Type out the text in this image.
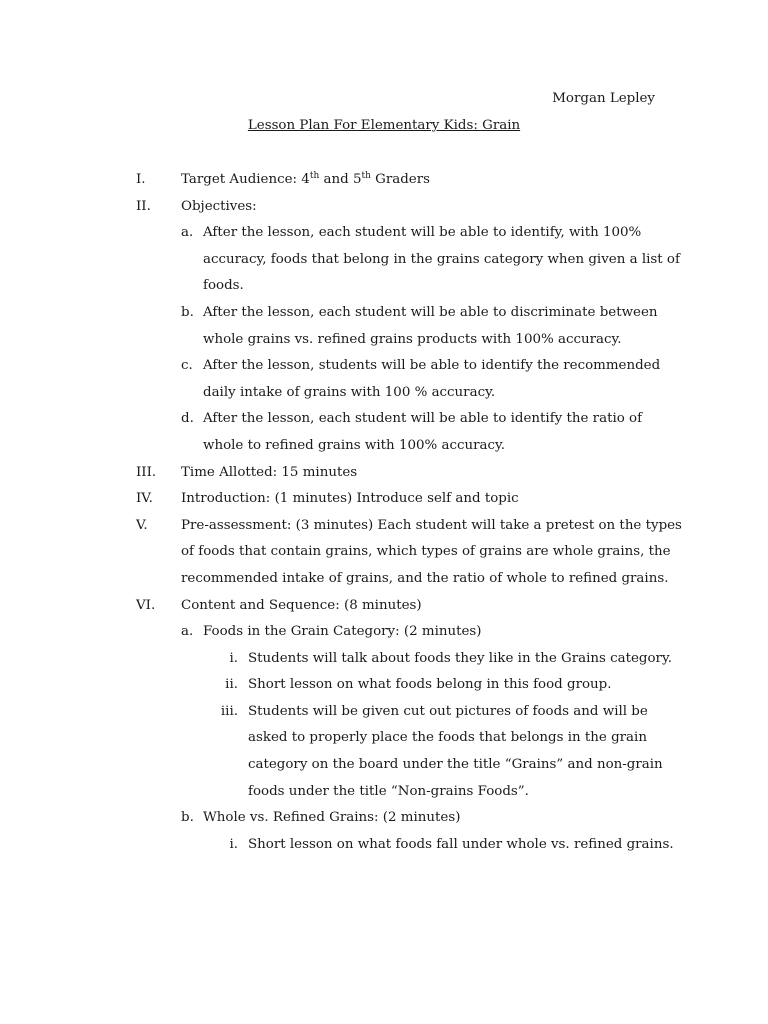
Morgan Lepley
Lesson Plan For Elementary Kids: Grain
I.	Target Audience: 4th and 5th Graders
II. Objectives:
a. After the lesson, each student will be able to identify, with 100%
accuracy, foods that belong in the grains category when given a list of
foods.
b. After the lesson, each student will be able to discriminate between
whole grains vs. refined grains products with 100% accuracy.
c. After the lesson, students will be able to identify the recommended
daily intake of grains with 100 % accuracy.
d. After the lesson, each student will be able to identify the ratio of
whole to refined grains with 100% accuracy.
III. Time Allotted: 15 minutes
IV. Introduction: (1 minutes) Introduce self and topic
V. Pre-assessment: (3 minutes) Each student will take a pretest on the types
of foods that contain grains, which types of grains are whole grains, the
recommended intake of grains, and the ratio of whole to refined grains.
VI. Content and Sequence: (8 minutes)
a. Foods in the Grain Category: (2 minutes)
i. Students will talk about foods they like in the Grains category.
ii. Short lesson on what foods belong in this food group.
iii. Students will be given cut out pictures of foods and will be
asked to properly place the foods that belongs in the grain
category on the board under the title “Grains” and non-grain
foods under the title “Non-grains Foods”.
b. Whole vs. Refined Grains: (2 minutes)
i. Short lesson on what foods fall under whole vs. refined grains.
